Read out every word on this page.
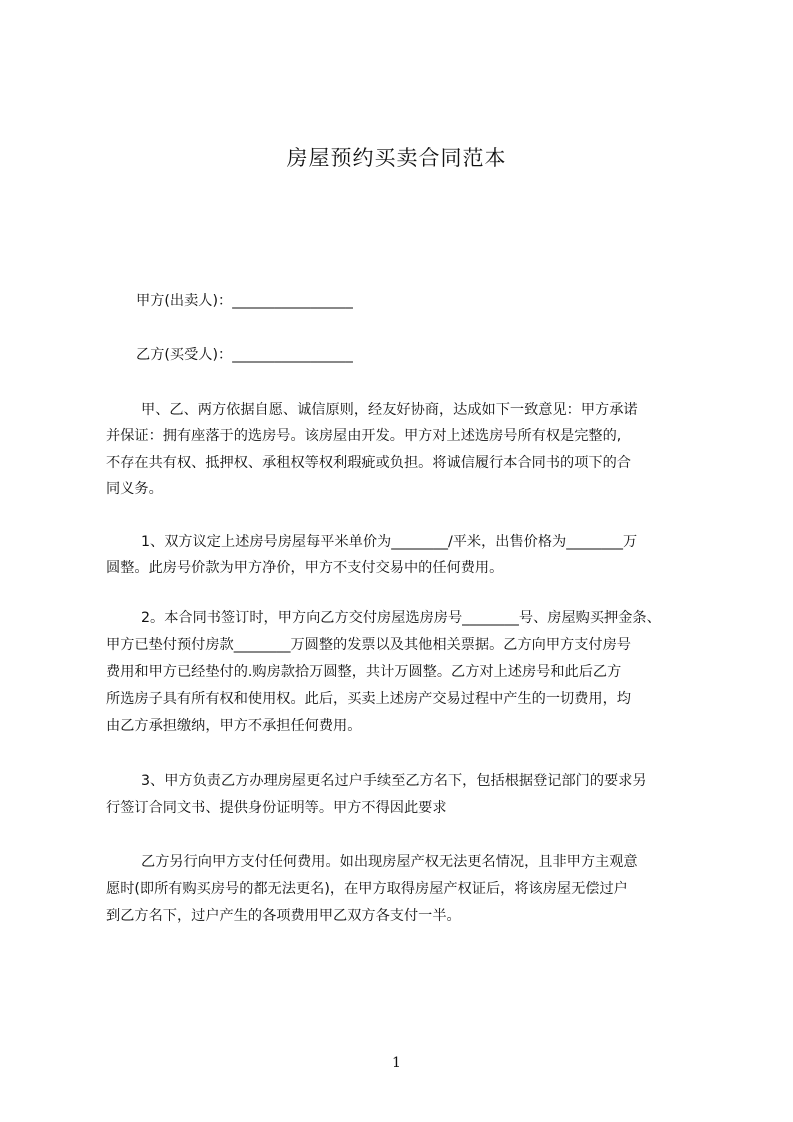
房屋预约买卖合同范本
甲方(出卖人)：_________________
乙方(买受人)：_________________
甲、乙、两方依据自愿、诚信原则，经友好协商，达成如下一致意见：甲方承诺
并保证：拥有座落于的选房号。该房屋由开发。甲方对上述选房号所有权是完整的,
不存在共有权、抵押权、承租权等权利瑕疵或负担。将诚信履行本合同书的项下的合
同义务。
1、双方议定上述房号房屋每平米单价为________/平米，出售价格为________万
圆整。此房号价款为甲方净价，甲方不支付交易中的任何费用。
2。本合同书签订时，甲方向乙方交付房屋选房房号________号、房屋购买押金条、
甲方已垫付预付房款________万圆整的发票以及其他相关票据。乙方向甲方支付房号
费用和甲方已经垫付的.购房款拾万圆整，共计万圆整。乙方对上述房号和此后乙方
所选房子具有所有权和使用权。此后，买卖上述房产交易过程中产生的一切费用，均
由乙方承担缴纳，甲方不承担任何费用。
3、甲方负责乙方办理房屋更名过户手续至乙方名下，包括根据登记部门的要求另
行签订合同文书、提供身份证明等。甲方不得因此要求
乙方另行向甲方支付任何费用。如出现房屋产权无法更名情况，且非甲方主观意
愿时(即所有购买房号的都无法更名)，在甲方取得房屋产权证后，将该房屋无偿过户
到乙方名下，过户产生的各项费用甲乙双方各支付一半。
1
